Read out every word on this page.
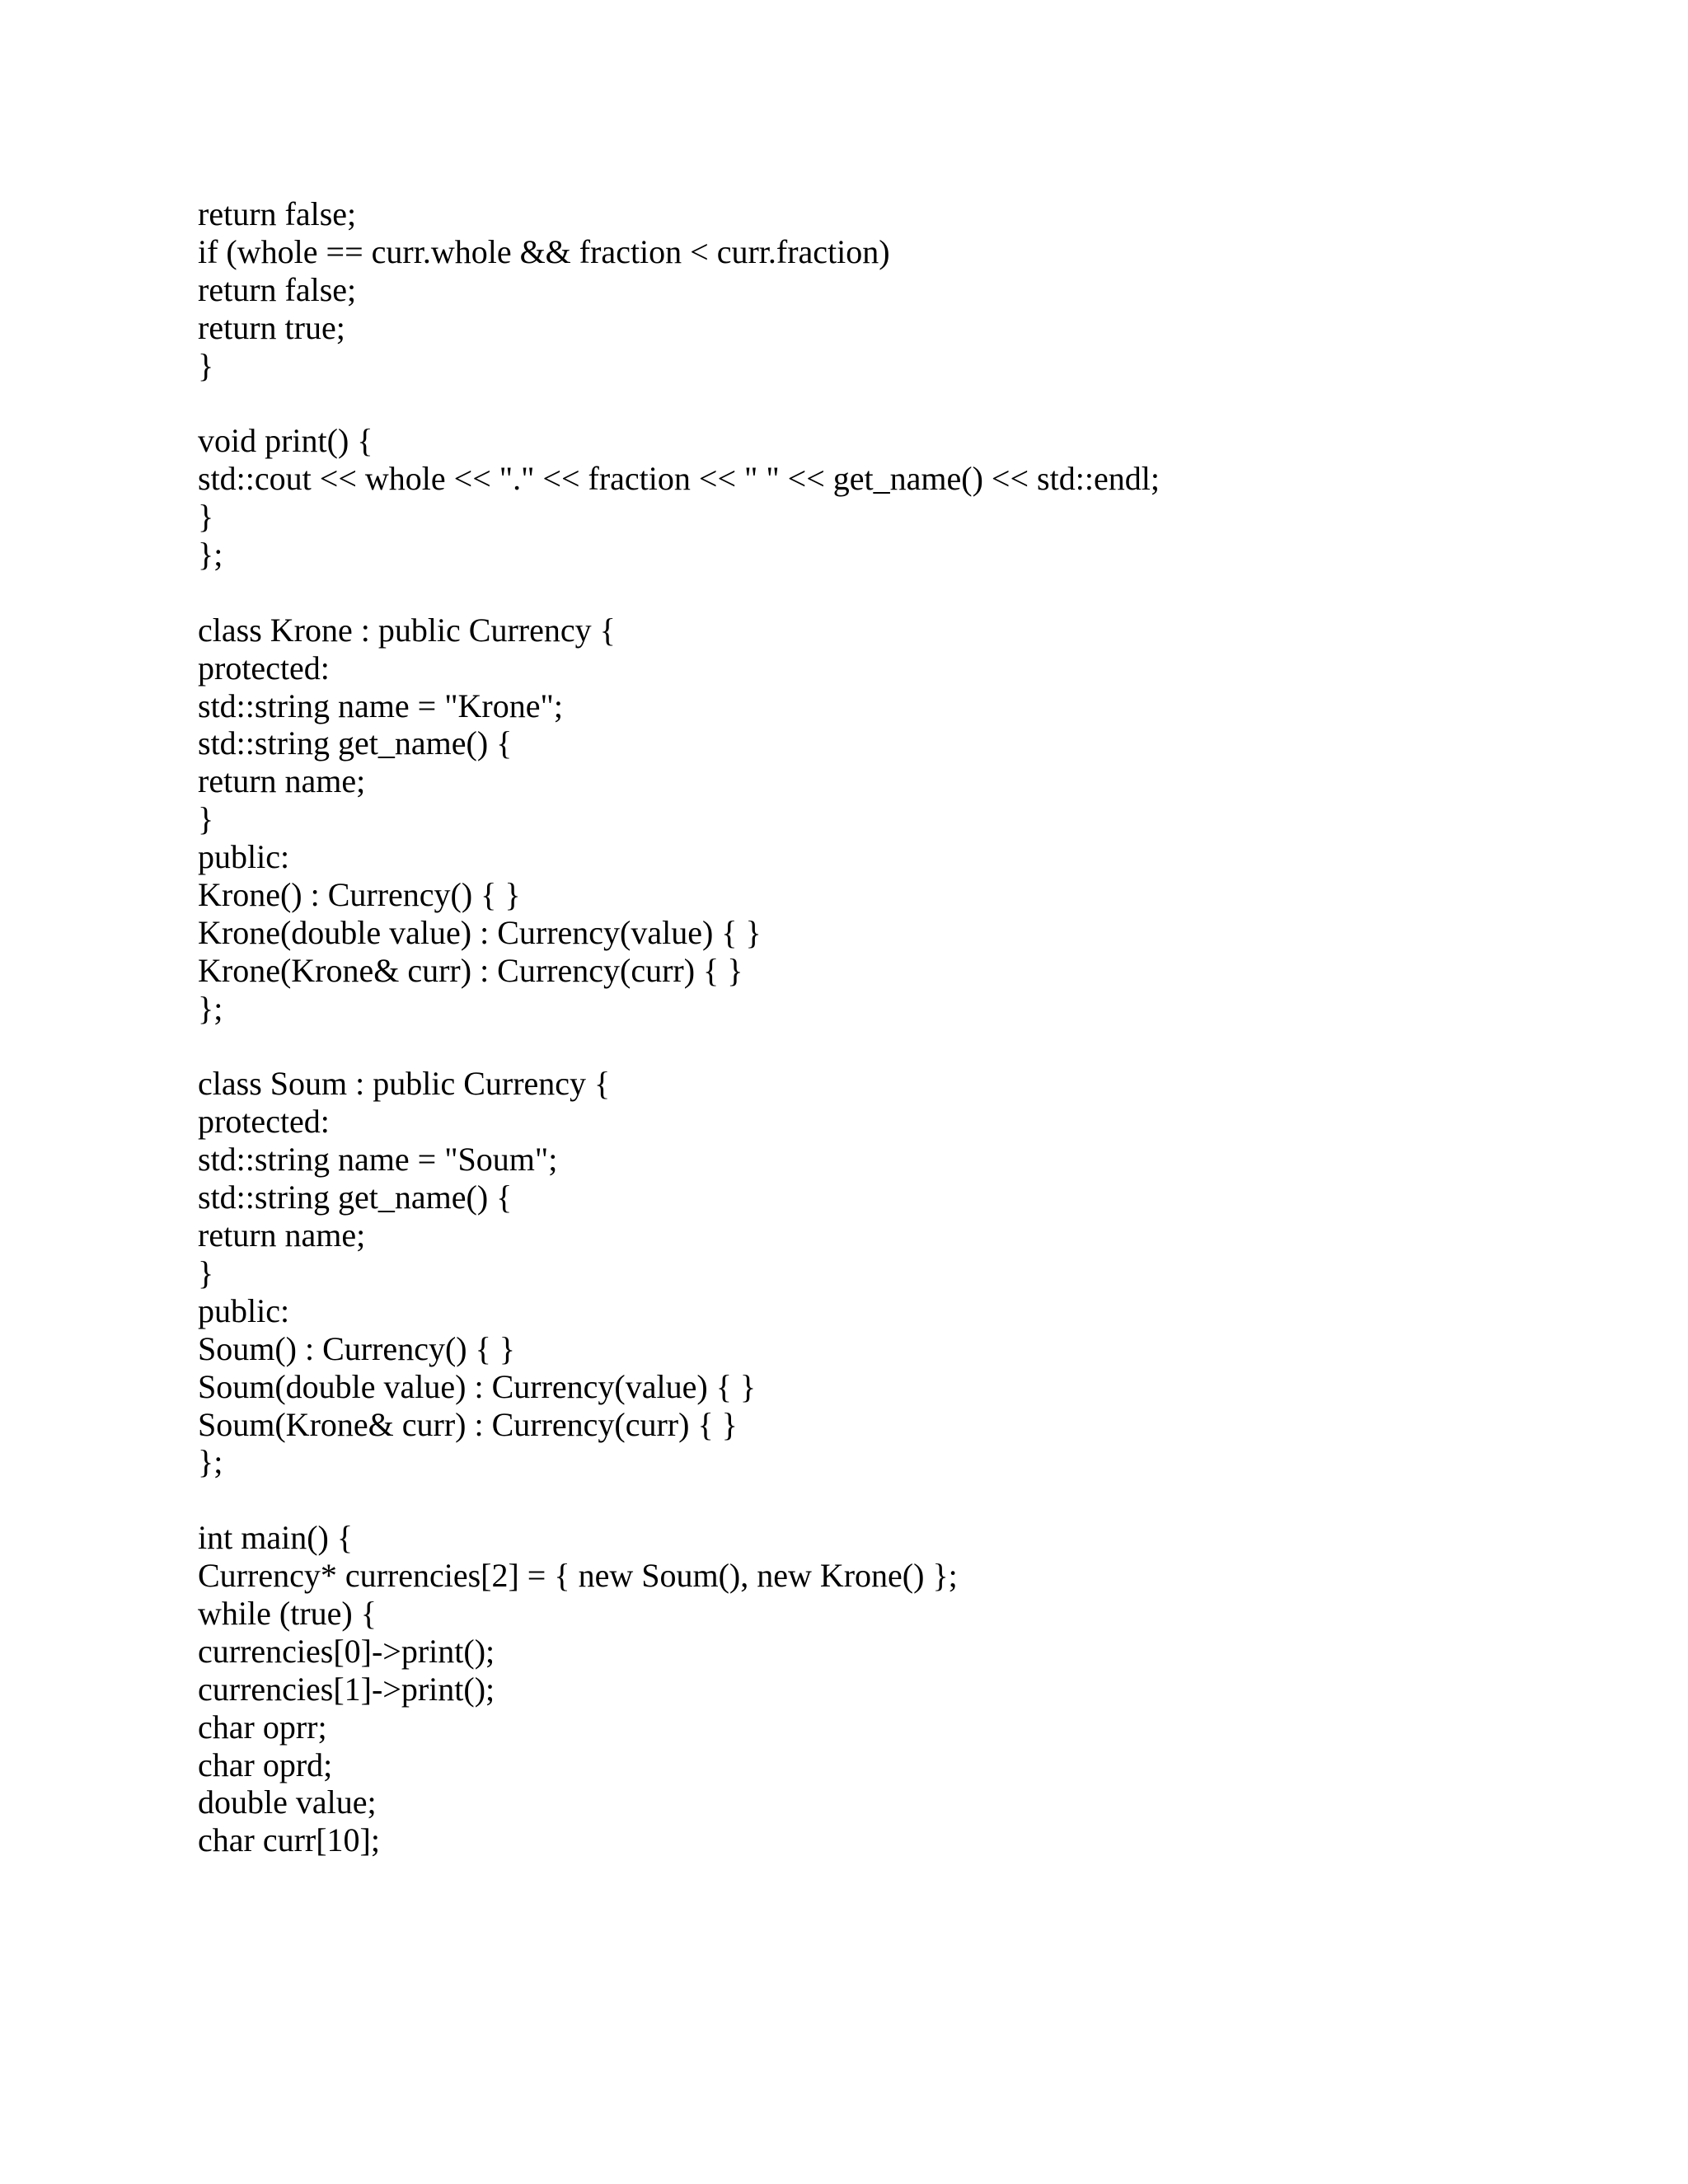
return false;
if (whole == curr.whole && fraction < curr.fraction)
return false;
return true;
}
void print() {
std::cout << whole << "." << fraction << " " << get_name() << std::endl;
}
};
class Krone : public Currency {
protected:
std::string name = "Krone";
std::string get_name() {
return name;
}
public:
Krone() : Currency() { }
Krone(double value) : Currency(value) { }
Krone(Krone& curr) : Currency(curr) { }
};
class Soum : public Currency {
protected:
std::string name = "Soum";
std::string get_name() {
return name;
}
public:
Soum() : Currency() { }
Soum(double value) : Currency(value) { }
Soum(Krone& curr) : Currency(curr) { }
};
int main() {
Currency* currencies[2] = { new Soum(), new Krone() };
while (true) {
currencies[0]->print();
currencies[1]->print();
char oprr;
char oprd;
double value;
char curr[10];
